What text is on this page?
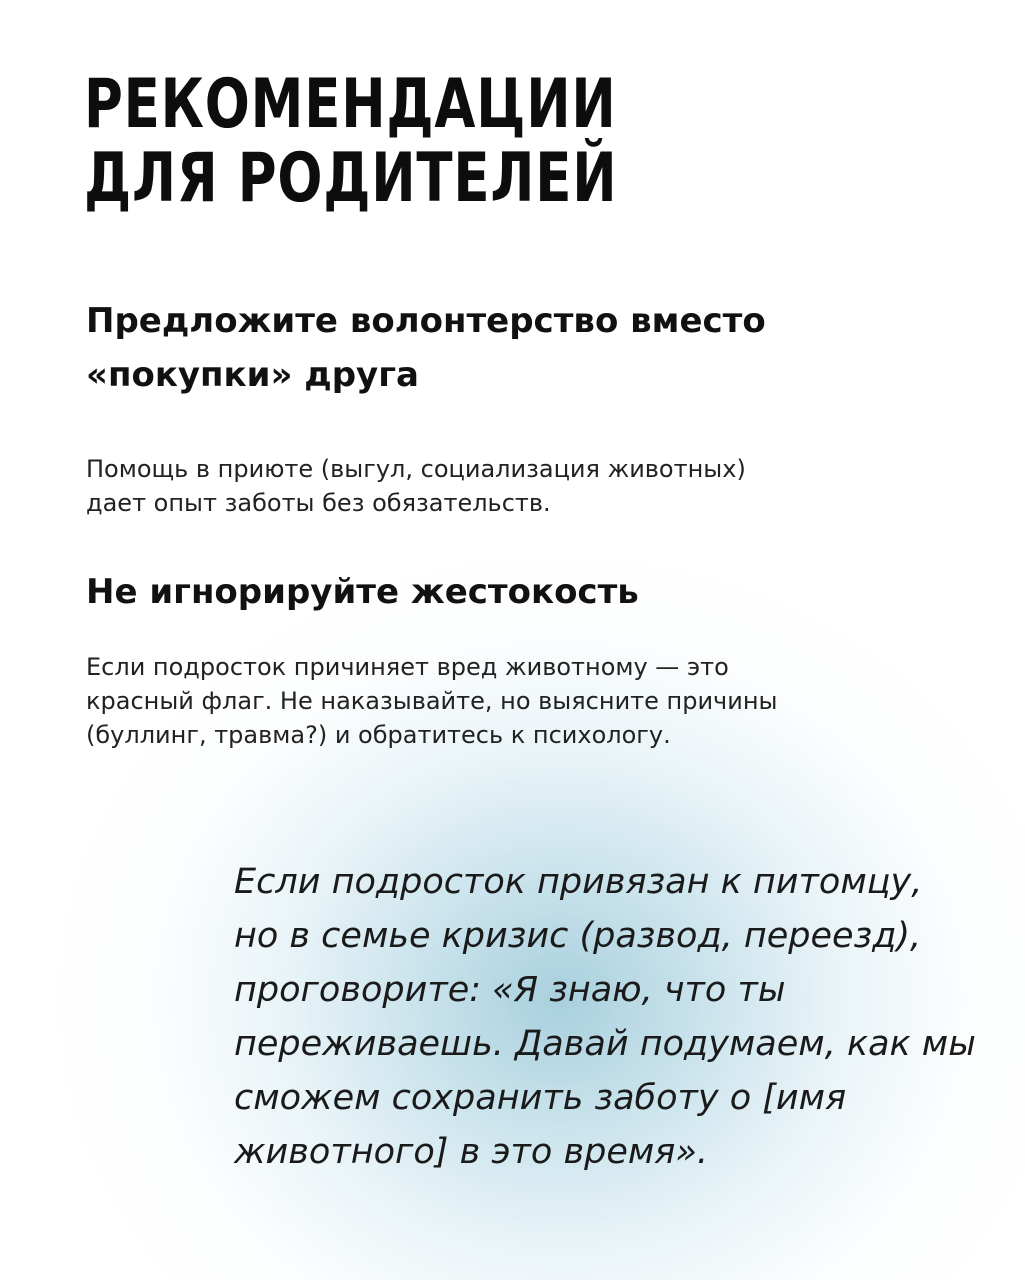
РЕКОМЕНДАЦИИ
ДЛЯ РОДИТЕЛЕЙ
Предложите волонтерство вместо
«покупки» друга

Помощь в приюте (выгул, социализация животных)
дает опыт заботы без обязательств.

Не игнорируйте жестокость

Если подросток причиняет вред животному — это
красный флаг. Не наказывайте, но выясните причины
(буллинг, травма?) и обратитесь к психологу.

Если подросток привязан к питомцу,
но в семье кризис (развод, переезд),
проговорите: «Я знаю, что ты
переживаешь. Давай подумаем, как мы
сможем сохранить заботу о [имя
животного] в это время».
